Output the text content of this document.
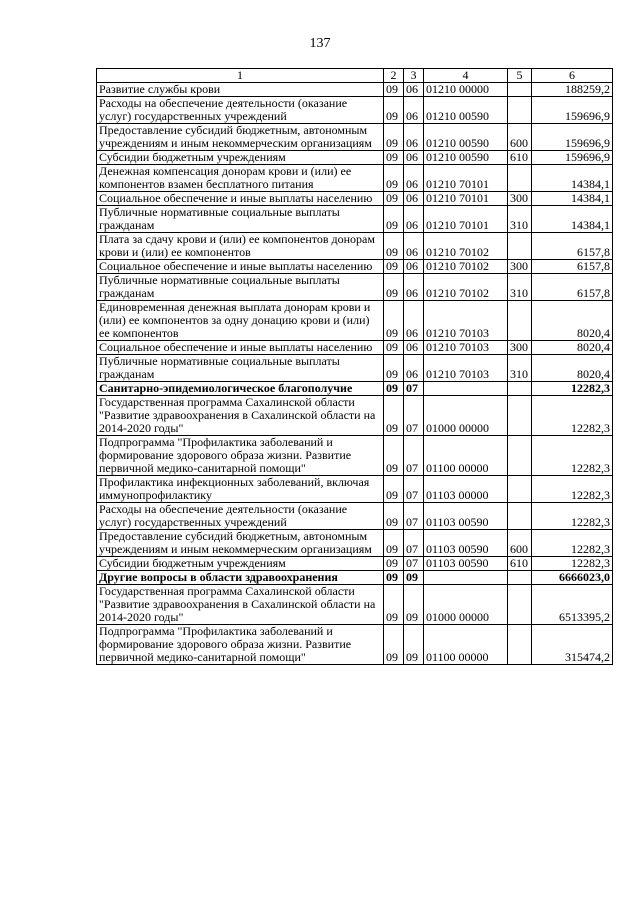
137
1	2	3	4	5	6
Развитие службы крови	09	06	01210 00000		188259,2
Расходы на обеспечение деятельности (оказание услуг) государственных учреждений	09	06	01210 00590		159696,9
Предоставление субсидий бюджетным, автономным учреждениям и иным некоммерческим организациям	09	06	01210 00590	600	159696,9
Субсидии бюджетным учреждениям	09	06	01210 00590	610	159696,9
Денежная компенсация донорам крови и (или) ее компонентов взамен бесплатного питания	09	06	01210 70101		14384,1
Социальное обеспечение и иные выплаты населению	09	06	01210 70101	300	14384,1
Публичные нормативные социальные выплаты гражданам	09	06	01210 70101	310	14384,1
Плата за сдачу крови и (или) ее компонентов донорам крови и (или) ее компонентов	09	06	01210 70102		6157,8
Социальное обеспечение и иные выплаты населению	09	06	01210 70102	300	6157,8
Публичные нормативные социальные выплаты гражданам	09	06	01210 70102	310	6157,8
Единовременная денежная выплата донорам крови и (или) ее компонентов за одну донацию крови и (или) ее компонентов	09	06	01210 70103		8020,4
Социальное обеспечение и иные выплаты населению	09	06	01210 70103	300	8020,4
Публичные нормативные социальные выплаты гражданам	09	06	01210 70103	310	8020,4
Санитарно-эпидемиологическое благополучие	09	07			12282,3
Государственная программа Сахалинской области "Развитие здравоохранения в Сахалинской области на 2014-2020 годы"	09	07	01000 00000		12282,3
Подпрограмма "Профилактика заболеваний и формирование здорового образа жизни. Развитие первичной медико-санитарной помощи"	09	07	01100 00000		12282,3
Профилактика инфекционных заболеваний, включая иммунопрофилактику	09	07	01103 00000		12282,3
Расходы на обеспечение деятельности (оказание услуг) государственных учреждений	09	07	01103 00590		12282,3
Предоставление субсидий бюджетным, автономным учреждениям и иным некоммерческим организациям	09	07	01103 00590	600	12282,3
Субсидии бюджетным учреждениям	09	07	01103 00590	610	12282,3
Другие вопросы в области здравоохранения	09	09			6666023,0
Государственная программа Сахалинской области "Развитие здравоохранения в Сахалинской области на 2014-2020 годы"	09	09	01000 00000		6513395,2
Подпрограмма "Профилактика заболеваний и формирование здорового образа жизни. Развитие первичной медико-санитарной помощи"	09	09	01100 00000		315474,2
